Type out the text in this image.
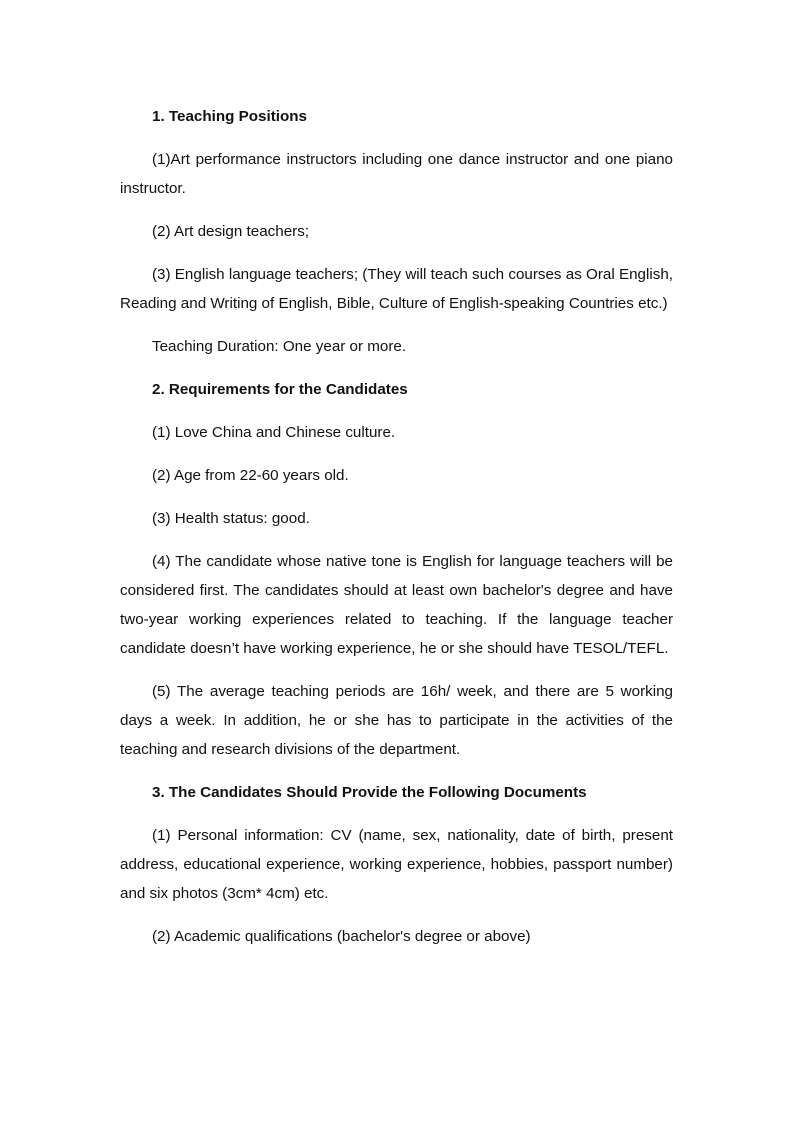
1. Teaching Positions

(1)Art performance instructors including one dance instructor and one piano instructor.

(2) Art design teachers;

(3) English language teachers; (They will teach such courses as Oral English, Reading and Writing of English, Bible, Culture of English-speaking Countries etc.)

Teaching Duration: One year or more.

2. Requirements for the Candidates

(1) Love China and Chinese culture.

(2) Age from 22-60 years old.

(3) Health status: good.

(4) The candidate whose native tone is English for language teachers will be considered first. The candidates should at least own bachelor's degree and have two-year working experiences related to teaching. If the language teacher candidate doesn’t have working experience, he or she should have TESOL/TEFL.

(5) The average teaching periods are 16h/ week, and there are 5 working days a week. In addition, he or she has to participate in the activities of the teaching and research divisions of the department.

3. The Candidates Should Provide the Following Documents

(1) Personal information: CV (name, sex, nationality, date of birth, present address, educational experience, working experience, hobbies, passport number) and six photos (3cm* 4cm) etc.

(2) Academic qualifications (bachelor's degree or above)
